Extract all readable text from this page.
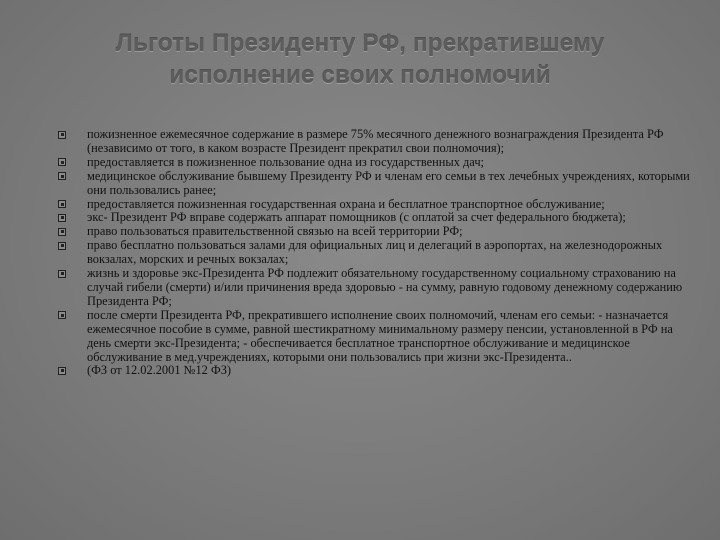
Льготы Президенту РФ, прекратившему исполнение своих полномочий
пожизненное ежемесячное содержание в размере 75% месячного денежного вознаграждения Президента РФ (независимо от того, в каком возрасте Президент прекратил свои полномочия);
предоставляется в пожизненное пользование одна из государственных дач;
медицинское обслуживание бывшему Президенту РФ и членам его семьи в тех лечебных учреждениях, которыми они пользовались ранее;
предоставляется пожизненная государственная охрана и бесплатное транспортное обслуживание;
экс- Президент РФ вправе содержать аппарат помощников (с оплатой за счет федерального бюджета);
право пользоваться правительственной связью на всей территории РФ;
право бесплатно пользоваться залами для официальных лиц и делегаций в аэропортах, на железнодорожных вокзалах, морских и речных вокзалах;
жизнь и здоровье экс-Президента РФ подлежит обязательному государственному социальному страхованию на случай гибели (смерти) и/или причинения вреда здоровью - на сумму, равную годовому денежному содержанию Президента РФ;
после смерти Президента РФ, прекратившего исполнение своих полномочий, членам его семьи: - назначается ежемесячное пособие в сумме, равной шестикратному минимальному размеру пенсии, установленной в РФ на день смерти экс-Президента; - обеспечивается бесплатное транспортное обслуживание и медицинское обслуживание в мед.учреждениях, которыми они пользовались при жизни экс-Президента..
(ФЗ от 12.02.2001 №12 ФЗ)
